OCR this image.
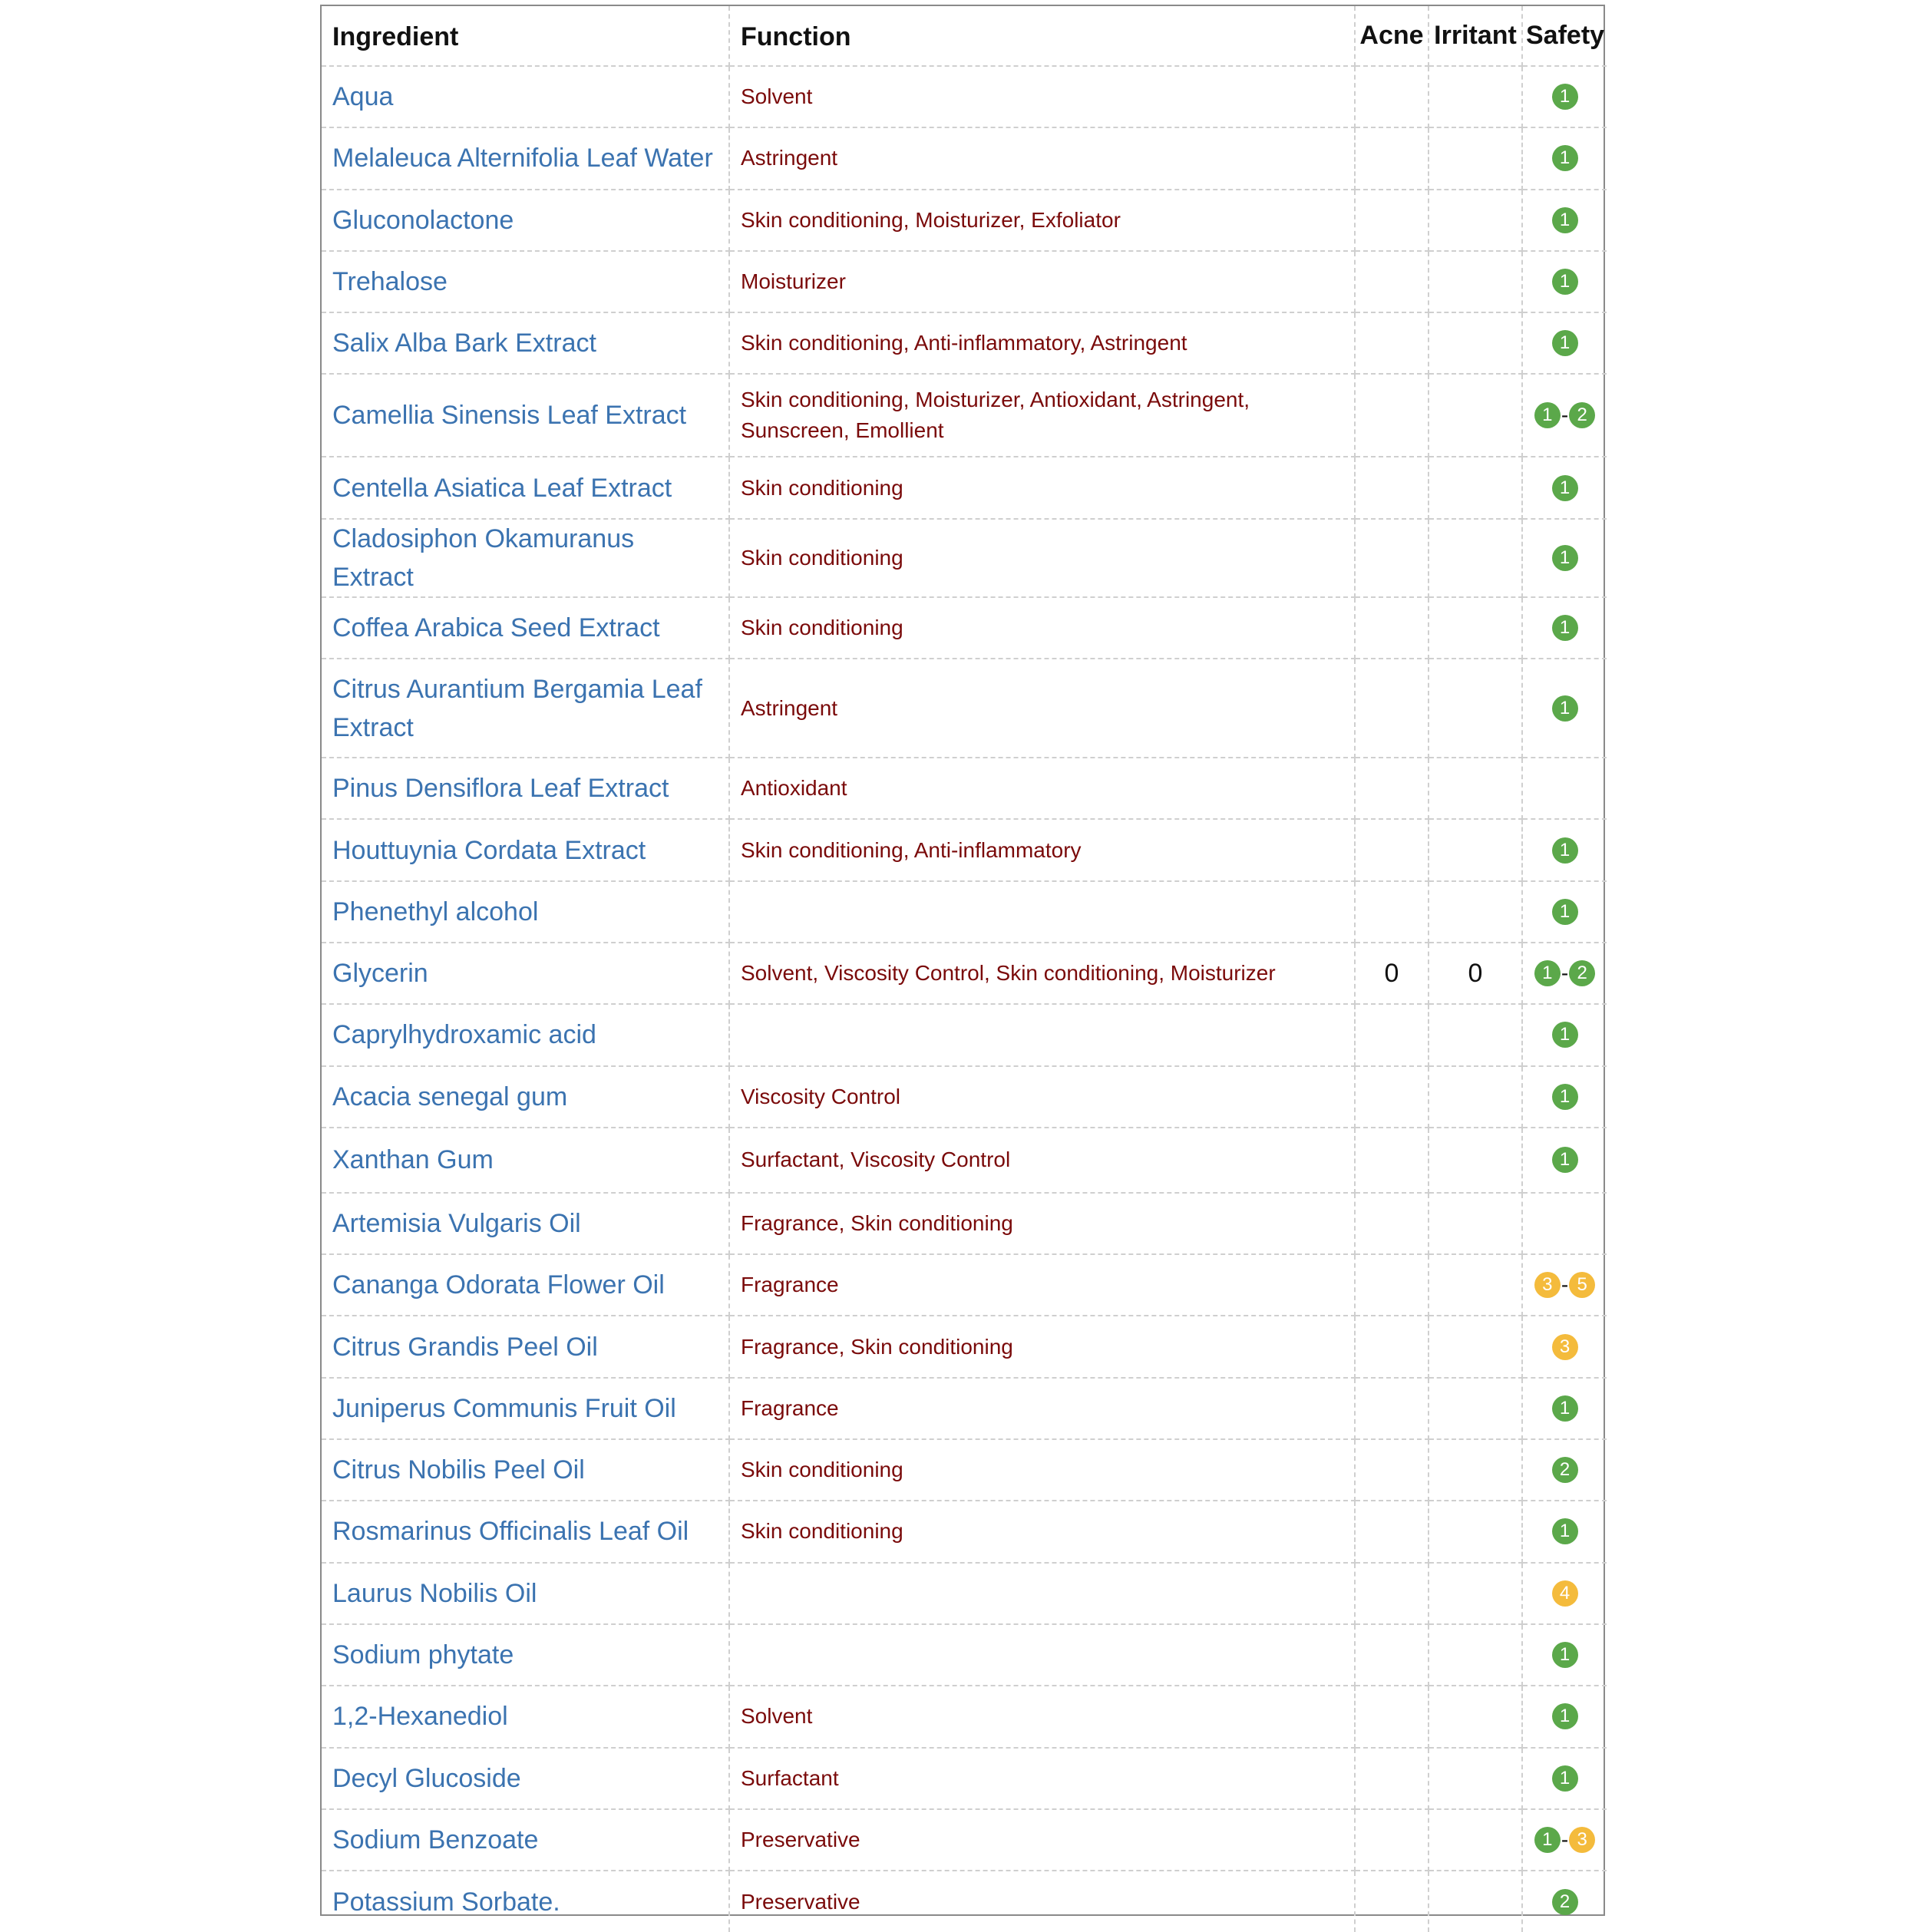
Ingredient	Function	Acne	Irritant	Safety
Aqua	Solvent			1
Melaleuca Alternifolia Leaf Water	Astringent			1
Gluconolactone	Skin conditioning, Moisturizer, Exfoliator			1
Trehalose	Moisturizer			1
Salix Alba Bark Extract	Skin conditioning, Anti-inflammatory, Astringent			1
Camellia Sinensis Leaf Extract	Skin conditioning, Moisturizer, Antioxidant, Astringent, Sunscreen, Emollient			1 - 2
Centella Asiatica Leaf Extract	Skin conditioning			1
Cladosiphon Okamuranus Extract	Skin conditioning			1
Coffea Arabica Seed Extract	Skin conditioning			1
Citrus Aurantium Bergamia Leaf Extract	Astringent			1
Pinus Densiflora Leaf Extract	Antioxidant			
Houttuynia Cordata Extract	Skin conditioning, Anti-inflammatory			1
Phenethyl alcohol				1
Glycerin	Solvent, Viscosity Control, Skin conditioning, Moisturizer	0	0	1 - 2
Caprylhydroxamic acid				1
Acacia senegal gum	Viscosity Control			1
Xanthan Gum	Surfactant, Viscosity Control			1
Artemisia Vulgaris Oil	Fragrance, Skin conditioning			
Cananga Odorata Flower Oil	Fragrance			3 - 5
Citrus Grandis Peel Oil	Fragrance, Skin conditioning			3
Juniperus Communis Fruit Oil	Fragrance			1
Citrus Nobilis Peel Oil	Skin conditioning			2
Rosmarinus Officinalis Leaf Oil	Skin conditioning			1
Laurus Nobilis Oil				4
Sodium phytate				1
1,2-Hexanediol	Solvent			1
Decyl Glucoside	Surfactant			1
Sodium Benzoate	Preservative			1 - 3
Potassium Sorbate.	Preservative			2
